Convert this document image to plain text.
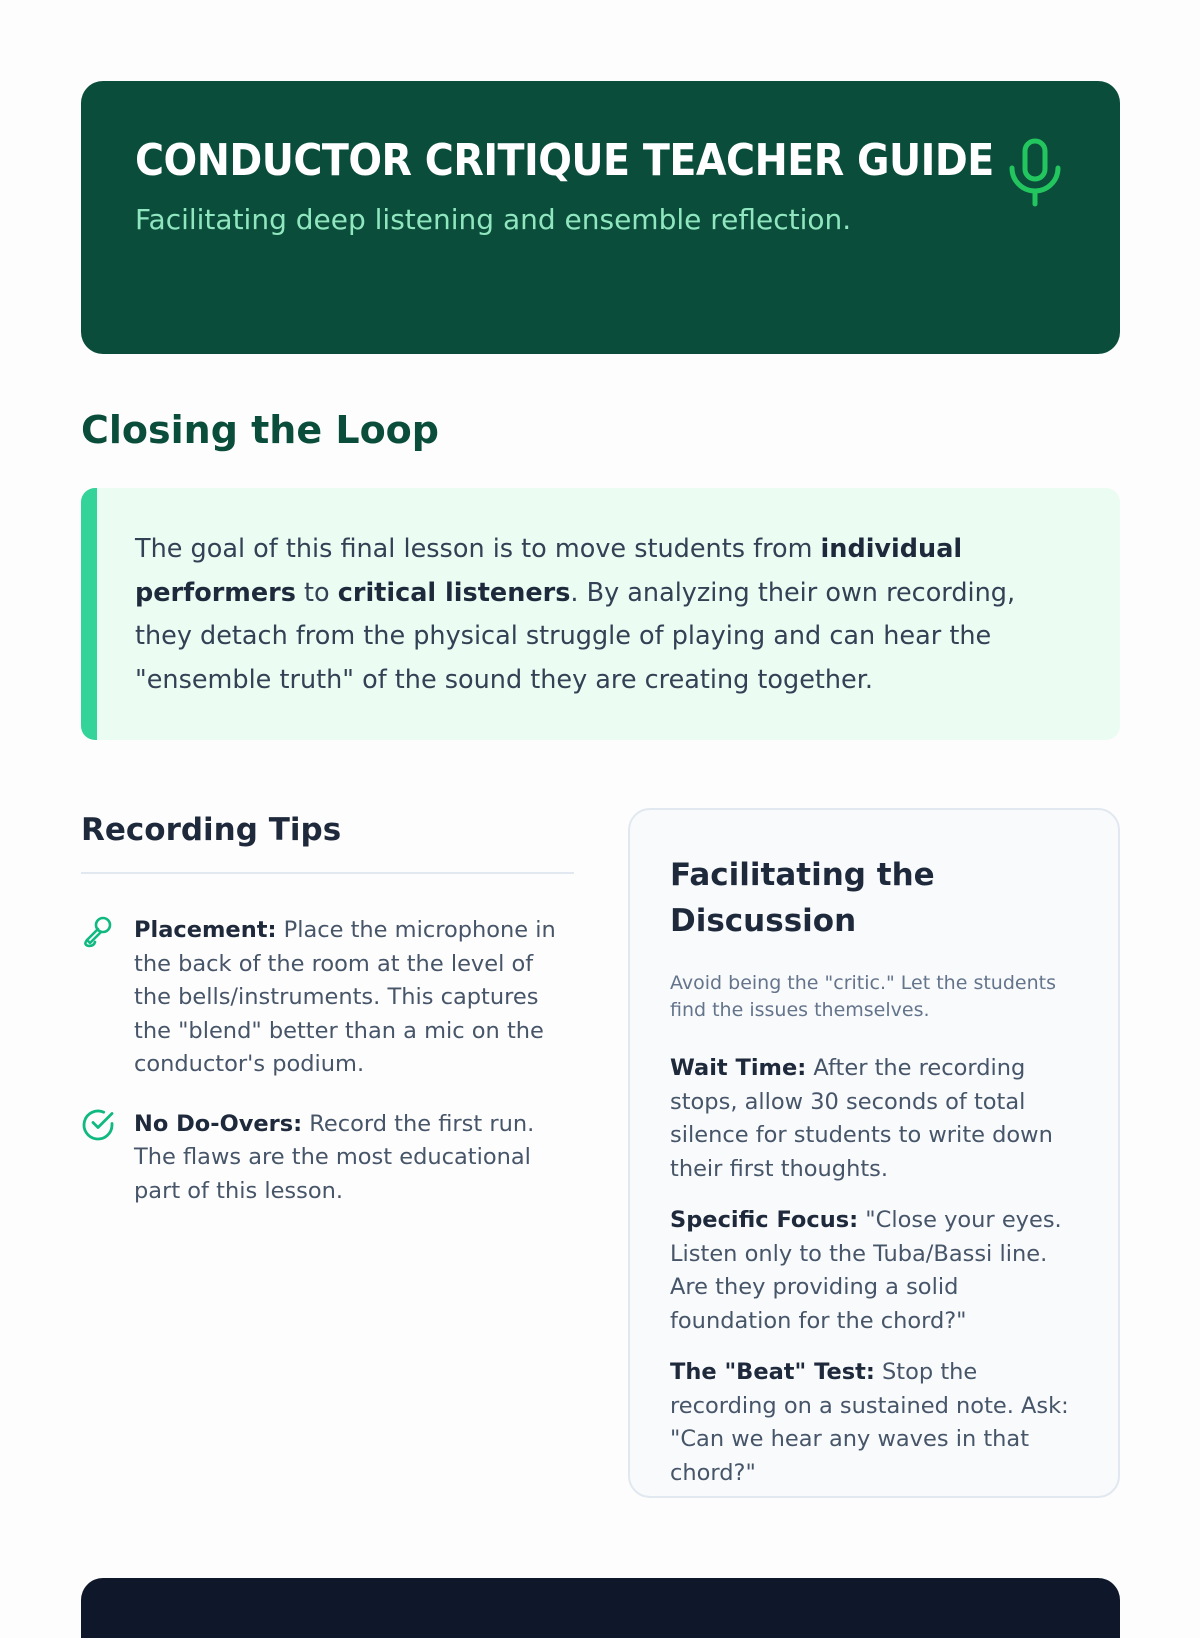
CONDUCTOR CRITIQUE TEACHER GUIDE
Facilitating deep listening and ensemble reflection.
Closing the Loop
The goal of this final lesson is to move students from individual performers to critical listeners. By analyzing their own recording, they detach from the physical struggle of playing and can hear the "ensemble truth" of the sound they are creating together.
Recording Tips
Placement: Place the microphone in the back of the room at the level of the bells/instruments. This captures the "blend" better than a mic on the conductor's podium.
No Do-Overs: Record the first run. The flaws are the most educational part of this lesson.
Facilitating the Discussion
Avoid being the "critic." Let the students find the issues themselves.
Wait Time: After the recording stops, allow 30 seconds of total silence for students to write down their first thoughts.
Specific Focus: "Close your eyes. Listen only to the Tuba/Bassi line. Are they providing a solid foundation for the chord?"
The "Beat" Test: Stop the recording on a sustained note. Ask: "Can we hear any waves in that chord?"
